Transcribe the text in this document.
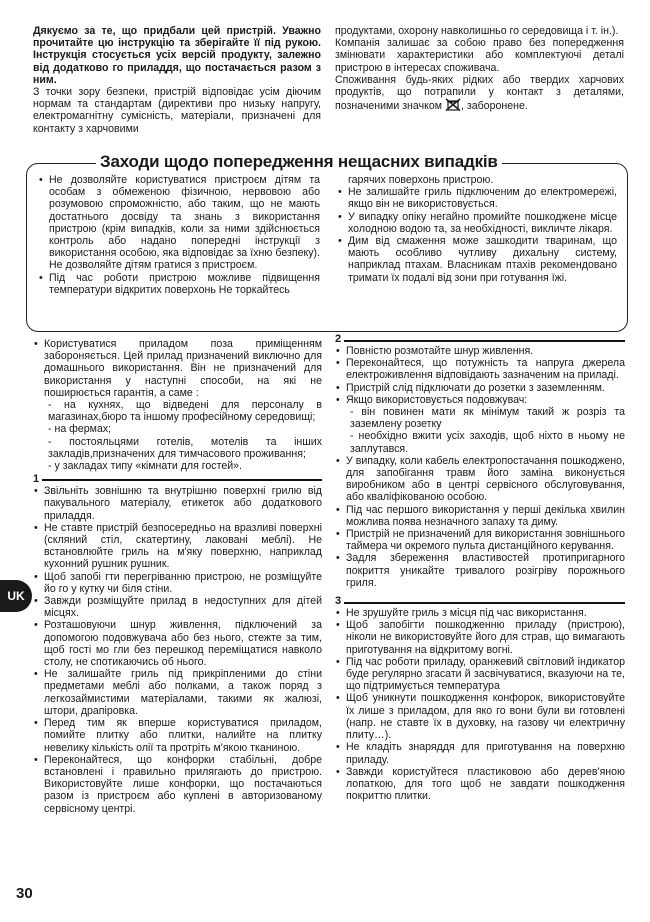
Дякуємо за те, що придбали цей пристрій. Уважно прочитайте цю інструкцію та зберігайте її під рукою. Інструкція стосується усіх версій продукту, залежно від додатково го приладдя, що постачається разом з ним.

З точки зору безпеки, пристрій відповідає усім діючим нормам та стандартам (директиви про низьку напругу, електромагнітну сумісність, матеріали, призначені для контакту з харчовими

продуктами, охорону навколишньо го середовища і т. ін.).

Компанія залишає за собою право без попередження змінювати характеристики або комплектуючі деталі пристрою в інтересах споживача.

Споживання будь-яких рідких або твердих харчових продуктів, що потрапили у контакт з деталями, позначеними значком , заборонене.

Заходи щодо попередження нещасних випадків
• Не дозволяйте користуватися пристроєм дітям та особам з обмеженою фізичною, нервовою або розумовою спроможністю, або таким, що не мають достатнього досвіду та знань з використання пристрою (крім випадків, коли за ними здійснюється контроль або надано попередні інструкції з використання особою, яка відповідає за їхню безпеку). Не дозволяйте дітям гратися з пристроєм.
• Під час роботи пристрою можливе підвищення температури відкритих поверхонь Не торкайтесь

гарячих поверхонь пристрою.

• Не залишайте гриль підключеним до електромережі, якщо він не використовується.
• У випадку опіку негайно промийте пошкоджене місце холодною водою та, за необхідності, викличте лікаря.
• Дим від смаження може зашкодити тваринам, що мають особливо чутливу дихальну систему, наприклад птахам. Власникам птахів рекомендовано тримати їх подалі від зони при готування їжі.
• Користуватися приладом поза приміщенням забороняється. Цей прилад призначений виключно для домашнього використання. Він не призначений для використання у наступні способи, на які не поширюється гарантія, а саме :
- на кухнях, що відведені для персоналу в магазинах,бюро та іншому професійному середовищі;
- на фермах;
- постояльцями готелів, мотелів та інших закладів,призначених для тимчасового проживання;
- у закладах типу «кімнати для гостей».
1
• Звільніть зовнішню та внутрішню поверхні грилю від пакувального матеріалу, етикеток або додаткового приладдя.
• Не ставте пристрій безпосередньо на вразливі поверхні (скляний стіл, скатертину, лаковані меблі). Не встановлюйте гриль на м'яку поверхню, наприклад кухонний рушник рушник.
• Щоб запобі гти перегріванню пристрою, не розміщуйте йо го у кутку чи біля стіни.
• Завжди розміщуйте прилад в недоступних для дітей місцях.
• Розташовуючи шнур живлення, підключений за допомогою подовжувача або без нього, стежте за тим, щоб гості мо гли без перешкод переміщатися навколо столу, не спотикаючись об нього.
• Не залишайте гриль під прикріпленими до стіни предметами меблі або полками, а також поряд з легкозаймистими матеріалами, такими як жалюзі, штори, драпіровка.
• Перед тим як вперше користуватися приладом, помийте плитку або плитки, налийте на плитку невелику кількість олії та протріть м'якою тканиною.
• Переконайтеся, що конфорки стабільні, добре встановлені і правильно прилягають до пристрою. Використовуйте лише конфорки, що постачаються разом із пристроєм або куплені в авторизованому сервісному центрі.
2
• Повністю розмотайте шнур живлення.
• Переконайтеся, що потужність та напруга джерела електроживлення відповідають зазначеним на приладі.
• Пристрій слід підключати до розетки з заземленням.
• Якщо використовується подовжувач:
- він повинен мати як мінімум такий ж розріз та заземлену розетку
- необхідно вжити усіх заходів, щоб ніхто в ньому не заплутався.
• У випадку, коли кабель електропостачання пошкоджено, для запобігання травм його заміна виконується виробником або в центрі сервісного обслуговування, або кваліфікованою особою.
• Під час першого використання у перші декілька хвилин можлива поява незначного запаху та диму.
• Пристрій не призначений для використання зовнішнього таймера чи окремого пульта дистанційного керування.
• Задля збереження властивостей протипригарного покриття уникайте тривалого розігріву порожнього гриля.
3
• Не зрушуйте гриль з місця під час використання.
• Щоб запобігти пошкодженню приладу (пристрою), ніколи не використовуйте його для страв, що вимагають приготування на відкритому вогні.
• Під час роботи приладу, оранжевий світловий індикатор буде регулярно згасати й засвічуватися, вказуючи на те, що підтримується температура
• Щоб уникнути пошкодження конфорок, використовуйте їх лише з приладом, для яко го вони були ви готовлені (напр. не ставте їх в духовку, на газову чи електричну плиту…).
• Не кладіть знаряддя для приготування на поверхню приладу.
• Завжди користуйтеся пластиковою або дерев'яною лопаткою, для того щоб не завдати пошкодження покриттю плитки.
UK
30
